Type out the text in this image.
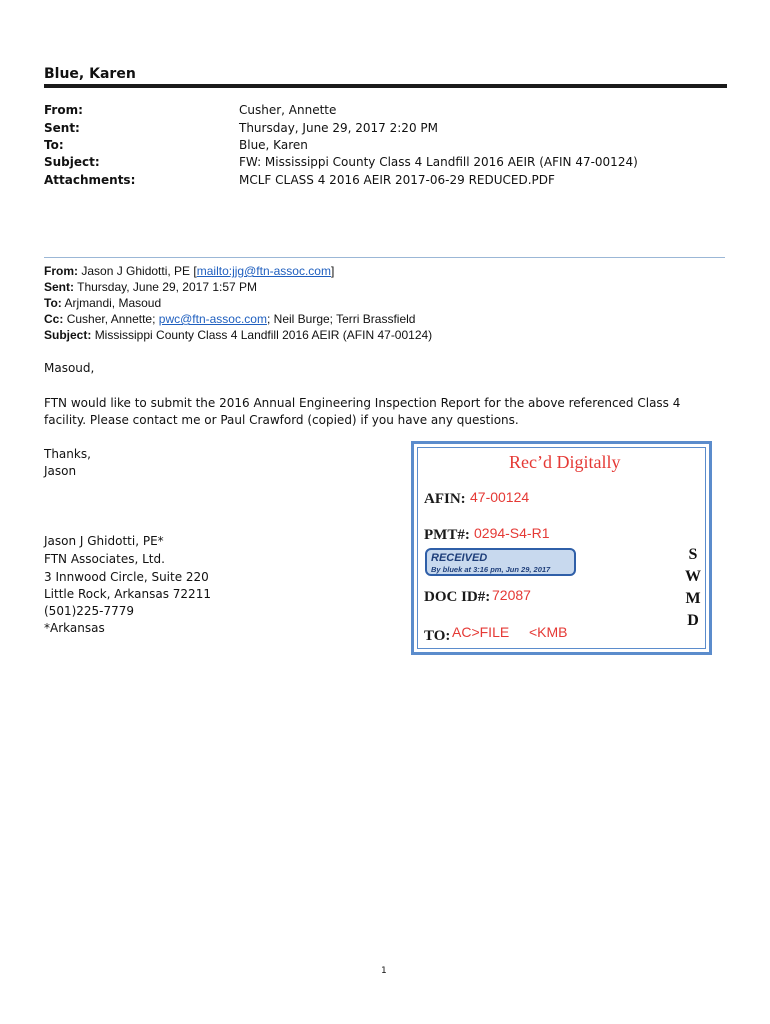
Blue, Karen
From:	Cusher, Annette
Sent:	Thursday, June 29, 2017 2:20 PM
To:	Blue, Karen
Subject:	FW: Mississippi County Class 4 Landfill 2016 AEIR (AFIN 47-00124)
Attachments:	MCLF CLASS 4 2016 AEIR 2017-06-29 REDUCED.PDF
From: Jason J Ghidotti, PE [mailto:jjg@ftn-assoc.com]
Sent: Thursday, June 29, 2017 1:57 PM
To: Arjmandi, Masoud
Cc: Cusher, Annette; pwc@ftn-assoc.com; Neil Burge; Terri Brassfield
Subject: Mississippi County Class 4 Landfill 2016 AEIR (AFIN 47-00124)
Masoud,
FTN would like to submit the 2016 Annual Engineering Inspection Report for the above referenced Class 4
facility. Please contact me or Paul Crawford (copied) if you have any questions.
Thanks,
Jason
Jason J Ghidotti, PE*
FTN Associates, Ltd.
3 Innwood Circle, Suite 220
Little Rock, Arkansas 72211
(501)225-7779
*Arkansas
Rec’d Digitally
AFIN: 47-00124
PMT#: 0294-S4-R1
RECEIVED
By bluek at 3:16 pm, Jun 29, 2017
DOC ID#: 72087
TO: AC>FILE <KMB
S
W
M
D
1
